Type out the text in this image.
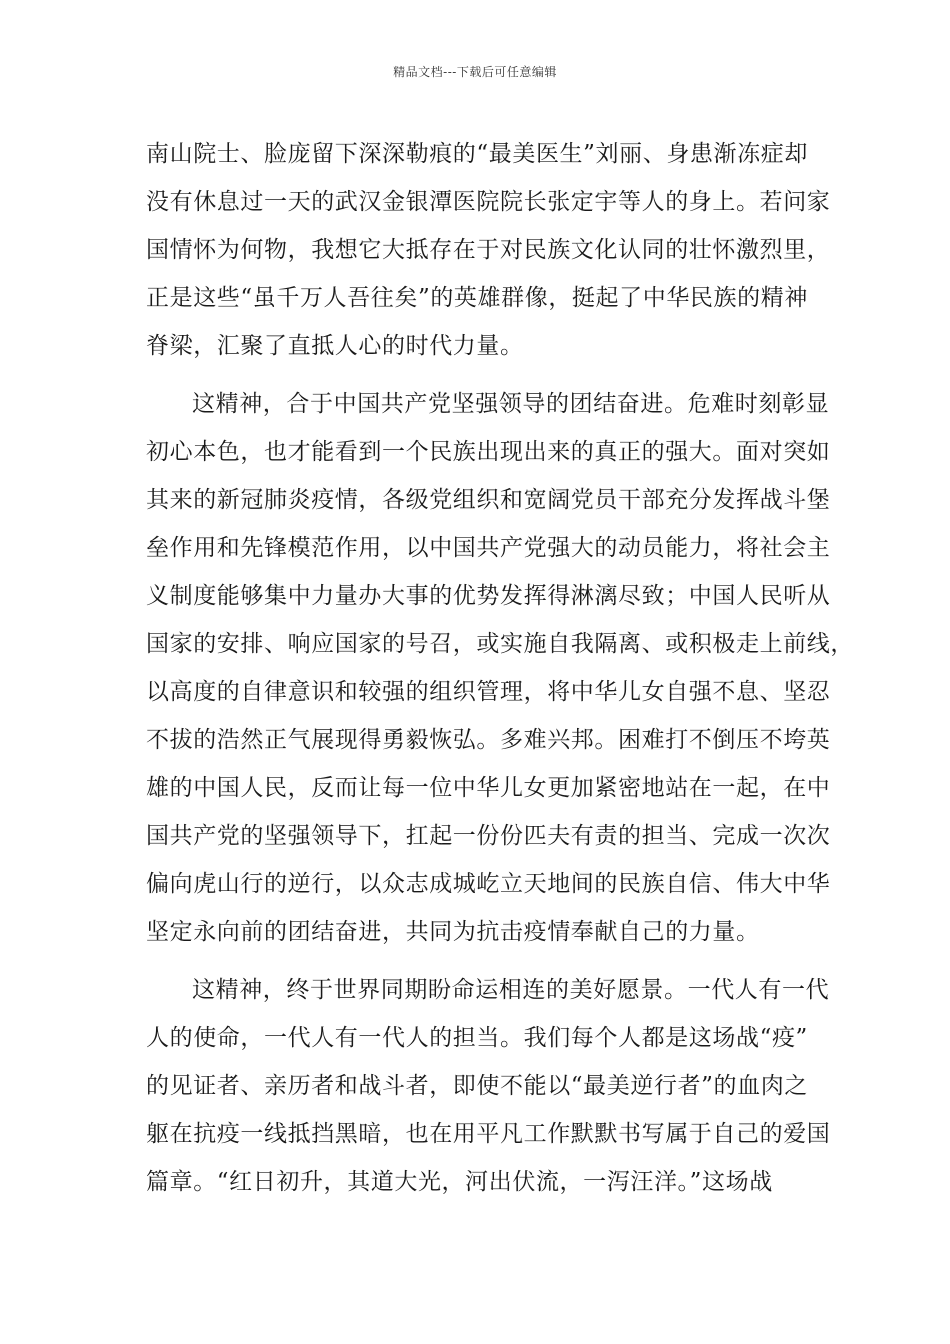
精品文档---下载后可任意编辑
南山院士、脸庞留下深深勒痕的“最美医生”刘丽、身患渐冻症却
没有休息过一天的武汉金银潭医院院长张定宇等人的身上。若问家
国情怀为何物，我想它大抵存在于对民族文化认同的壮怀激烈里，
正是这些“虽千万人吾往矣”的英雄群像，挺起了中华民族的精神
脊梁，汇聚了直抵人心的时代力量。
这精神，合于中国共产党坚强领导的团结奋进。危难时刻彰显
初心本色，也才能看到一个民族出现出来的真正的强大。面对突如
其来的新冠肺炎疫情，各级党组织和宽阔党员干部充分发挥战斗堡
垒作用和先锋模范作用，以中国共产党强大的动员能力，将社会主
义制度能够集中力量办大事的优势发挥得淋漓尽致；中国人民听从
国家的安排、响应国家的号召，或实施自我隔离、或积极走上前线，
以高度的自律意识和较强的组织管理，将中华儿女自强不息、坚忍
不拔的浩然正气展现得勇毅恢弘。多难兴邦。困难打不倒压不垮英
雄的中国人民，反而让每一位中华儿女更加紧密地站在一起，在中
国共产党的坚强领导下，扛起一份份匹夫有责的担当、完成一次次
偏向虎山行的逆行，以众志成城屹立天地间的民族自信、伟大中华
坚定永向前的团结奋进，共同为抗击疫情奉献自己的力量。
这精神，终于世界同期盼命运相连的美好愿景。一代人有一代
人的使命，一代人有一代人的担当。我们每个人都是这场战“疫”
的见证者、亲历者和战斗者，即使不能以“最美逆行者”的血肉之
躯在抗疫一线抵挡黑暗，也在用平凡工作默默书写属于自己的爱国
篇章。“红日初升，其道大光，河出伏流，一泻汪洋。”这场战
